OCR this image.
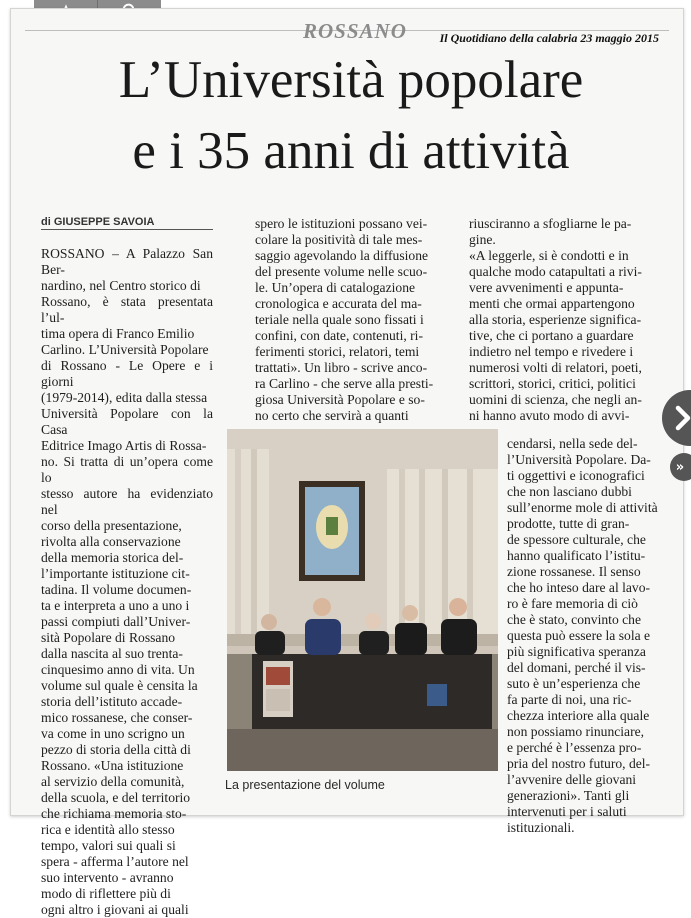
ROSSANO	Il Quotidiano della calabria 23 maggio 2015
L’Università popolare
e i 35 anni di attività
di GIUSEPPE SAVOIA
ROSSANO – A Palazzo San Ber-
nardino, nel Centro storico di
Rossano, è stata presentata l’ul-
tima opera di Franco Emilio
Carlino. L’Università Popolare
di Rossano - Le Opere e i giorni
(1979-2014), edita dalla stessa
Università Popolare con la Casa
Editrice Imago Artis di Rossa-
no. Si tratta di un’opera come lo
stesso autore ha evidenziato nel
corso della presentazione,
rivolta alla conservazione
della memoria storica del-
l’importante istituzione cit-
tadina. Il volume documen-
ta e interpreta a uno a uno i
passi compiuti dall’Univer-
sità Popolare di Rossano
dalla nascita al suo trenta-
cinquesimo anno di vita. Un
volume sul quale è censita la
storia dell’istituto accade-
mico rossanese, che conser-
va come in uno scrigno un
pezzo di storia della città di
Rossano. «Una istituzione
al servizio della comunità,
della scuola, e del territorio
che richiama memoria sto-
rica e identità allo stesso
tempo, valori sui quali si
spera - afferma l’autore nel
suo intervento - avranno
modo di riflettere più di
ogni altro i giovani ai quali
spero le istituzioni possano vei-
colare la positività di tale mes-
saggio agevolando la diffusione
del presente volume nelle scuo-
le. Un’opera di catalogazione
cronologica e accurata del ma-
teriale nella quale sono fissati i
confini, con date, contenuti, ri-
ferimenti storici, relatori, temi
trattati». Un libro - scrive anco-
ra Carlino - che serve alla presti-
giosa Università Popolare e so-
no certo che servirà a quanti
riusciranno a sfogliarne le pa-
gine.
«A leggerle, si è condotti e in
qualche modo catapultati a rivi-
vere avvenimenti e appunta-
menti che ormai appartengono
alla storia, esperienze significa-
tive, che ci portano a guardare
indietro nel tempo e rivedere i
numerosi volti di relatori, poeti,
scrittori, storici, critici, politici
uomini di scienza, che negli an-
ni hanno avuto modo di avvi-
cendarsi, nella sede del-
l’Università Popolare. Da-
ti oggettivi e iconografici
che non lasciano dubbi
sull’enorme mole di attività
prodotte, tutte di gran-
de spessore culturale, che
hanno qualificato l’istitu-
zione rossanese. Il senso
che ho inteso dare al lavo-
ro è fare memoria di ciò
che è stato, convinto che
questa può essere la sola e
più significativa speranza
del domani, perché il vis-
suto è un’esperienza che
fa parte di noi, una ric-
chezza interiore alla quale
non possiamo rinunciare,
e perché è l’essenza pro-
pria del nostro futuro, del-
l’avvenire delle giovani
generazioni». Tanti gli
intervenuti per i saluti
istituzionali.
La presentazione del volume
»
